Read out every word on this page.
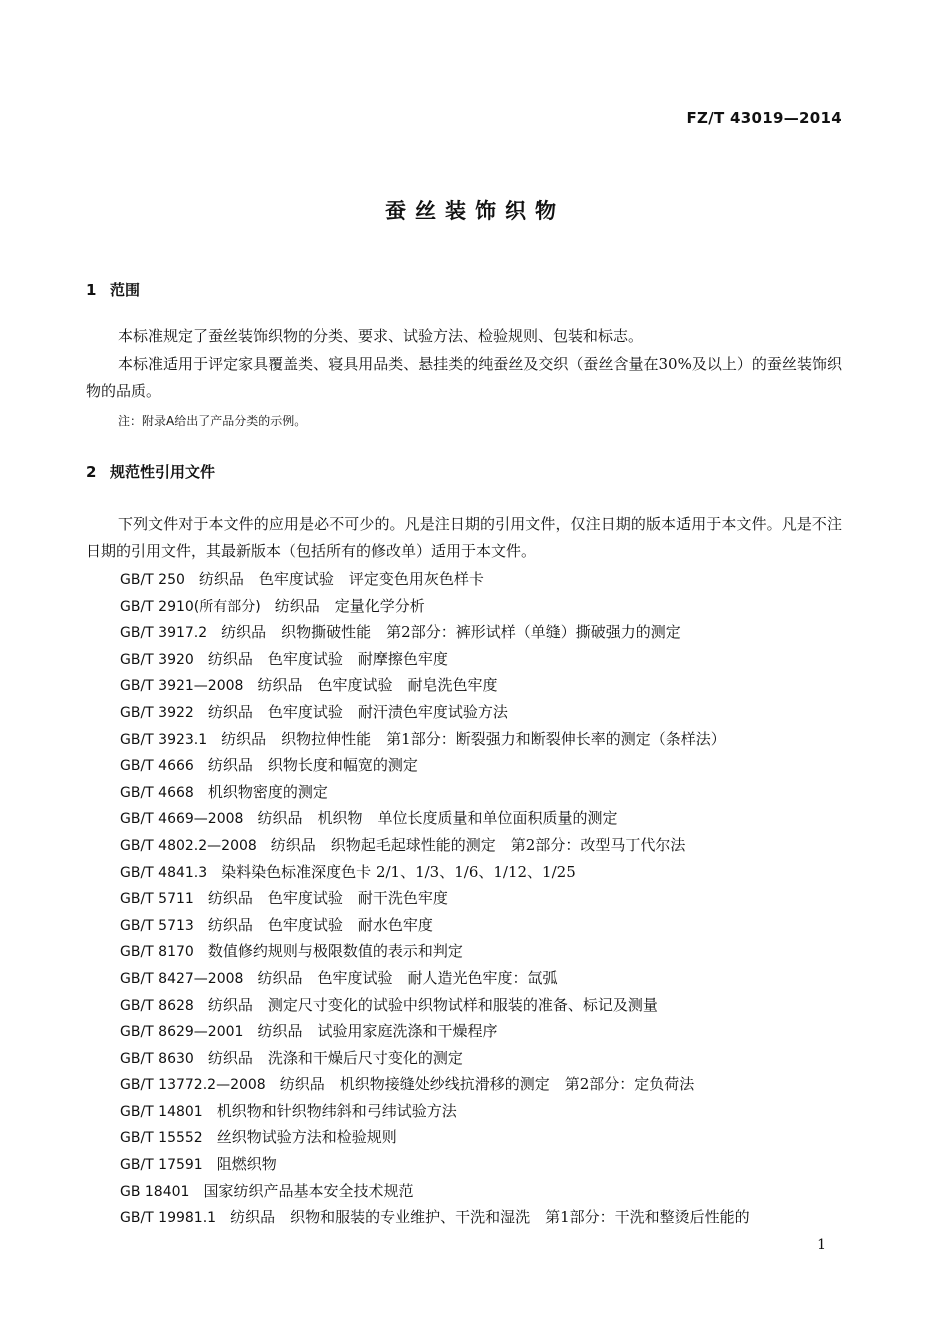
FZ/T 43019—2014
蚕丝装饰织物
1 范围
本标准规定了蚕丝装饰织物的分类、要求、试验方法、检验规则、包装和标志。
本标准适用于评定家具覆盖类、寝具用品类、悬挂类的纯蚕丝及交织（蚕丝含量在30%及以上）的蚕丝装饰织物的品质。
注：附录A给出了产品分类的示例。
2 规范性引用文件
下列文件对于本文件的应用是必不可少的。凡是注日期的引用文件，仅注日期的版本适用于本文件。凡是不注日期的引用文件，其最新版本（包括所有的修改单）适用于本文件。
GB/T 250 纺织品　色牢度试验　评定变色用灰色样卡
GB/T 2910(所有部分) 纺织品　定量化学分析
GB/T 3917.2 纺织品　织物撕破性能　第2部分：裤形试样（单缝）撕破强力的测定
GB/T 3920 纺织品　色牢度试验　耐摩擦色牢度
GB/T 3921—2008 纺织品　色牢度试验　耐皂洗色牢度
GB/T 3922 纺织品　色牢度试验　耐汗渍色牢度试验方法
GB/T 3923.1 纺织品　织物拉伸性能　第1部分：断裂强力和断裂伸长率的测定（条样法）
GB/T 4666 纺织品　织物长度和幅宽的测定
GB/T 4668 机织物密度的测定
GB/T 4669—2008 纺织品　机织物　单位长度质量和单位面积质量的测定
GB/T 4802.2—2008 纺织品　织物起毛起球性能的测定　第2部分：改型马丁代尔法
GB/T 4841.3 染料染色标准深度色卡 2/1、1/3、1/6、1/12、1/25
GB/T 5711 纺织品　色牢度试验　耐干洗色牢度
GB/T 5713 纺织品　色牢度试验　耐水色牢度
GB/T 8170 数值修约规则与极限数值的表示和判定
GB/T 8427—2008 纺织品　色牢度试验　耐人造光色牢度：氙弧
GB/T 8628 纺织品　测定尺寸变化的试验中织物试样和服装的准备、标记及测量
GB/T 8629—2001 纺织品　试验用家庭洗涤和干燥程序
GB/T 8630 纺织品　洗涤和干燥后尺寸变化的测定
GB/T 13772.2—2008 纺织品　机织物接缝处纱线抗滑移的测定　第2部分：定负荷法
GB/T 14801 机织物和针织物纬斜和弓纬试验方法
GB/T 15552 丝织物试验方法和检验规则
GB/T 17591 阻燃织物
GB 18401 国家纺织产品基本安全技术规范
GB/T 19981.1 纺织品　织物和服装的专业维护、干洗和湿洗　第1部分：干洗和整烫后性能的
1
